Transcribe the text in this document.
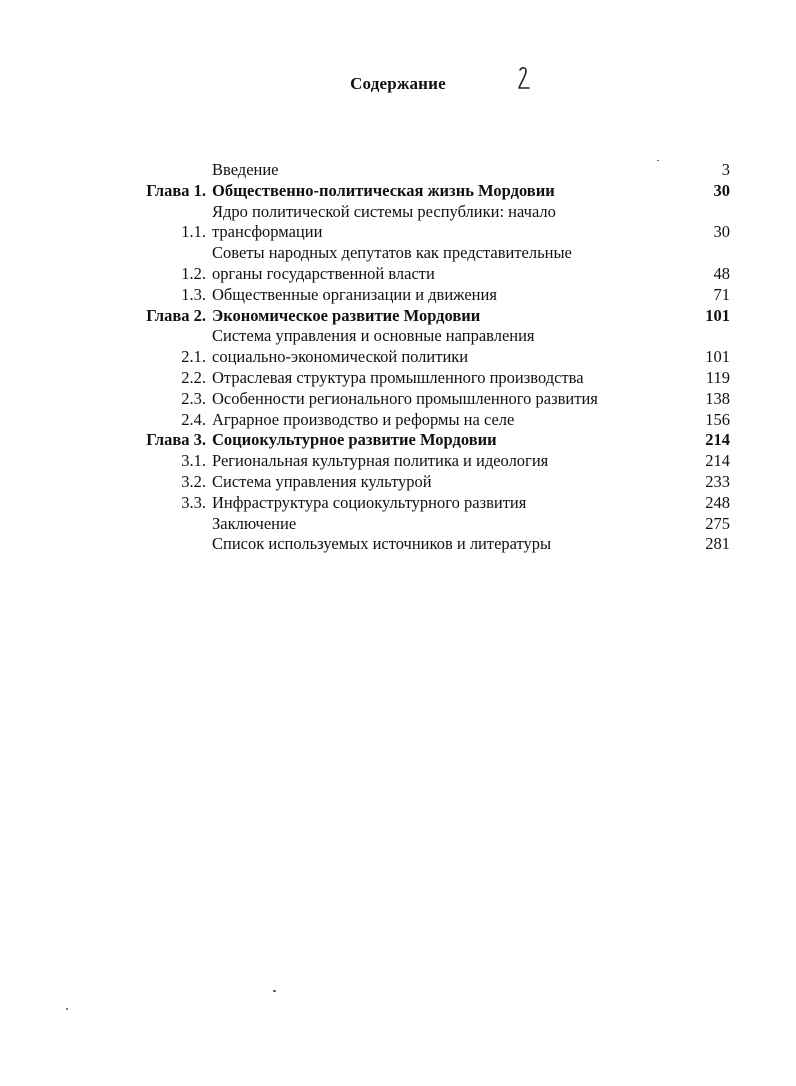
Содержание
Введение	3
Глава 1. Общественно-политическая жизнь Мордовии	30
1.1.
Ядро политической системы республики: начало
трансформации	30
1.2.
Советы народных депутатов как представительные
органы государственной власти	48
1.3. Общественные организации и движения	71
Глава 2. Экономическое развитие Мордовии	101
2.1.
Система управления и основные направления
социально-экономической политики	101
2.2. Отраслевая структура промышленного производства	119
2.3. Особенности регионального промышленного развития	138
2.4. Аграрное производство и реформы на селе	156
Глава 3. Социокультурное развитие Мордовии	214
3.1. Региональная культурная политика и идеология	214
3.2. Система управления культурой	233
3.3. Инфраструктура социокультурного развития	248
Заключение	275
Список используемых источников и литературы	281
